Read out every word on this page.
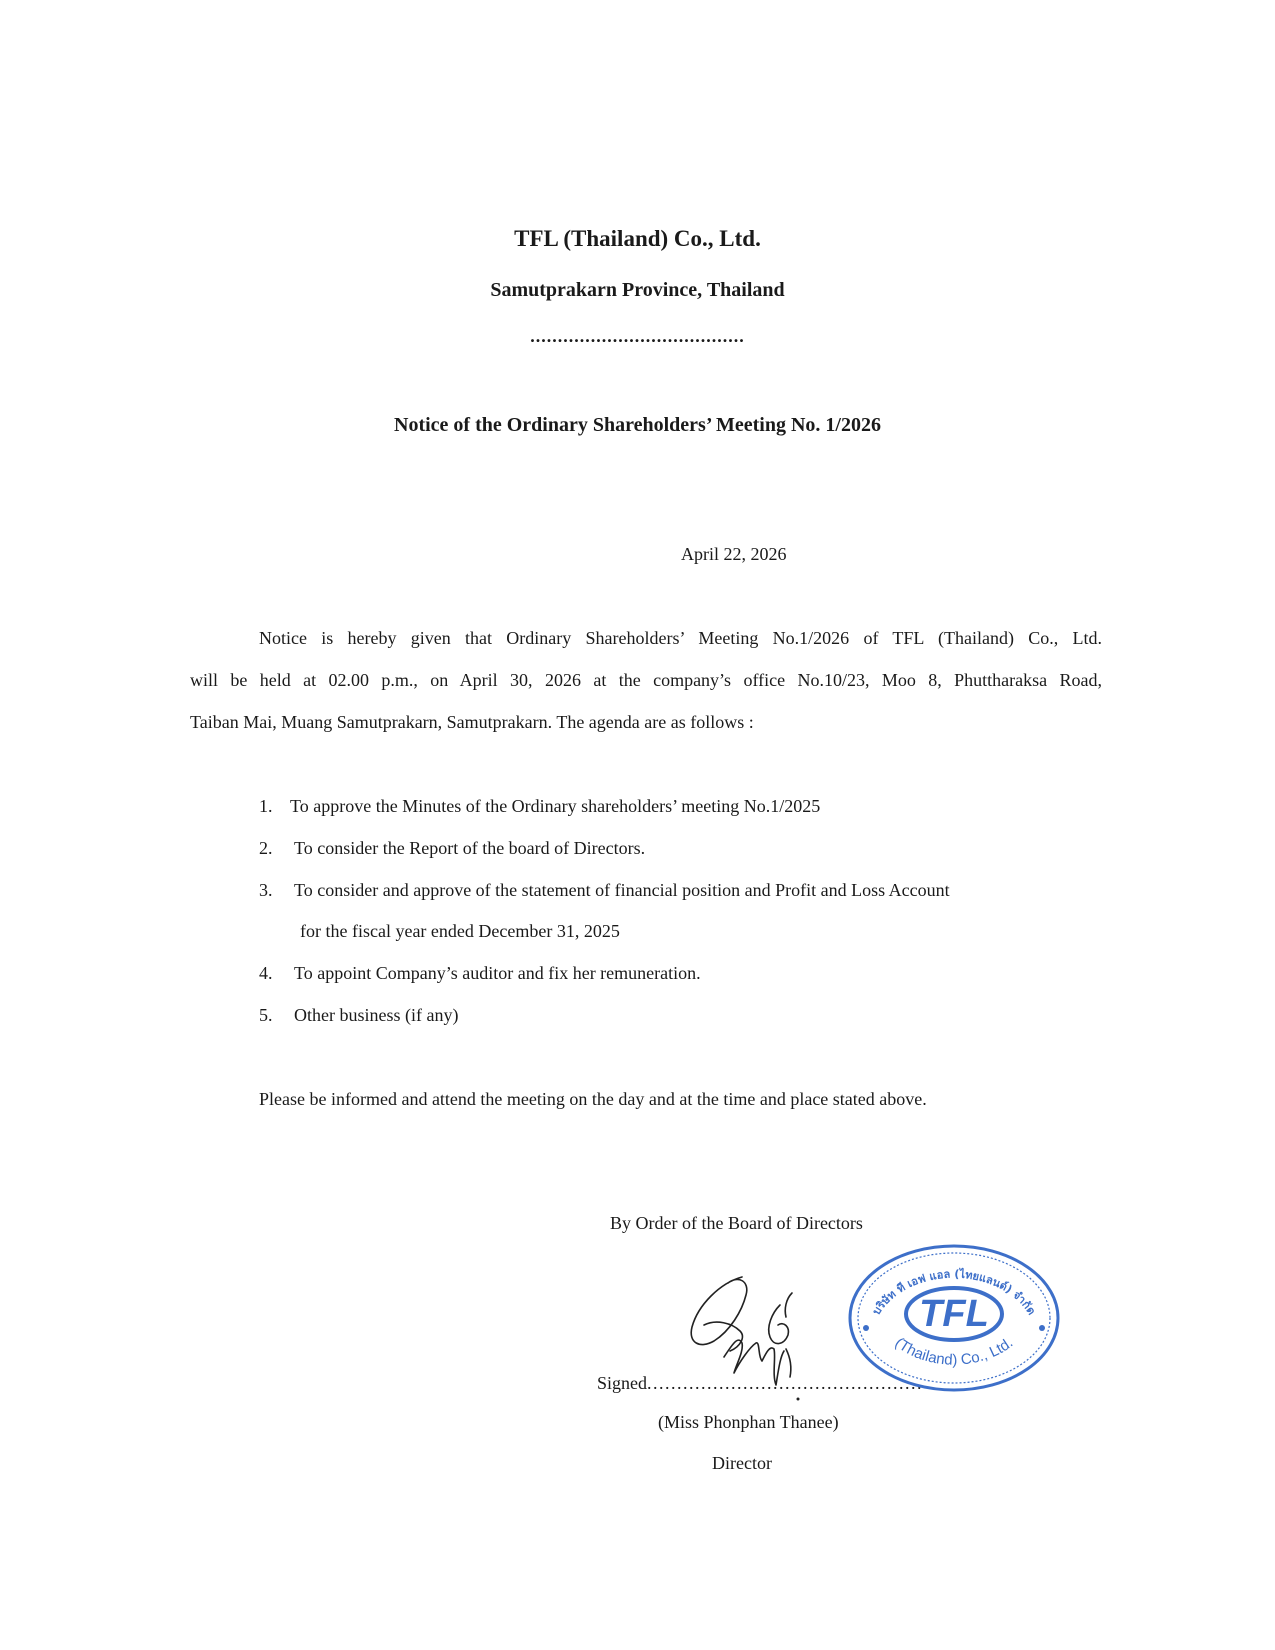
TFL (Thailand) Co., Ltd.
Samutprakarn Province, Thailand
.......................................
Notice of the Ordinary Shareholders’ Meeting No. 1/2026
April 22, 2026
Notice is hereby given that Ordinary Shareholders’ Meeting No.1/2026 of TFL (Thailand) Co., Ltd.
will be held at 02.00 p.m., on April 30, 2026 at the company’s office No.10/23, Moo 8, Phuttharaksa Road,
Taiban Mai, Muang Samutprakarn, Samutprakarn. The agenda are as follows :
1. To approve the Minutes of the Ordinary shareholders’ meeting No.1/2025
2. To consider the Report of the board of Directors.
3. To consider and approve of the statement of financial position and Profit and Loss Account
for the fiscal year ended December 31, 2025
4. To appoint Company’s auditor and fix her remuneration.
5. Other business (if any)
Please be informed and attend the meeting on the day and at the time and place stated above.
By Order of the Board of Directors
Signed..............................................
TFL
บริษัท ที เอฟ แอล (ไทยแลนด์) จำกัด
(Thailand) Co., Ltd.
(Miss Phonphan Thanee)
Director
